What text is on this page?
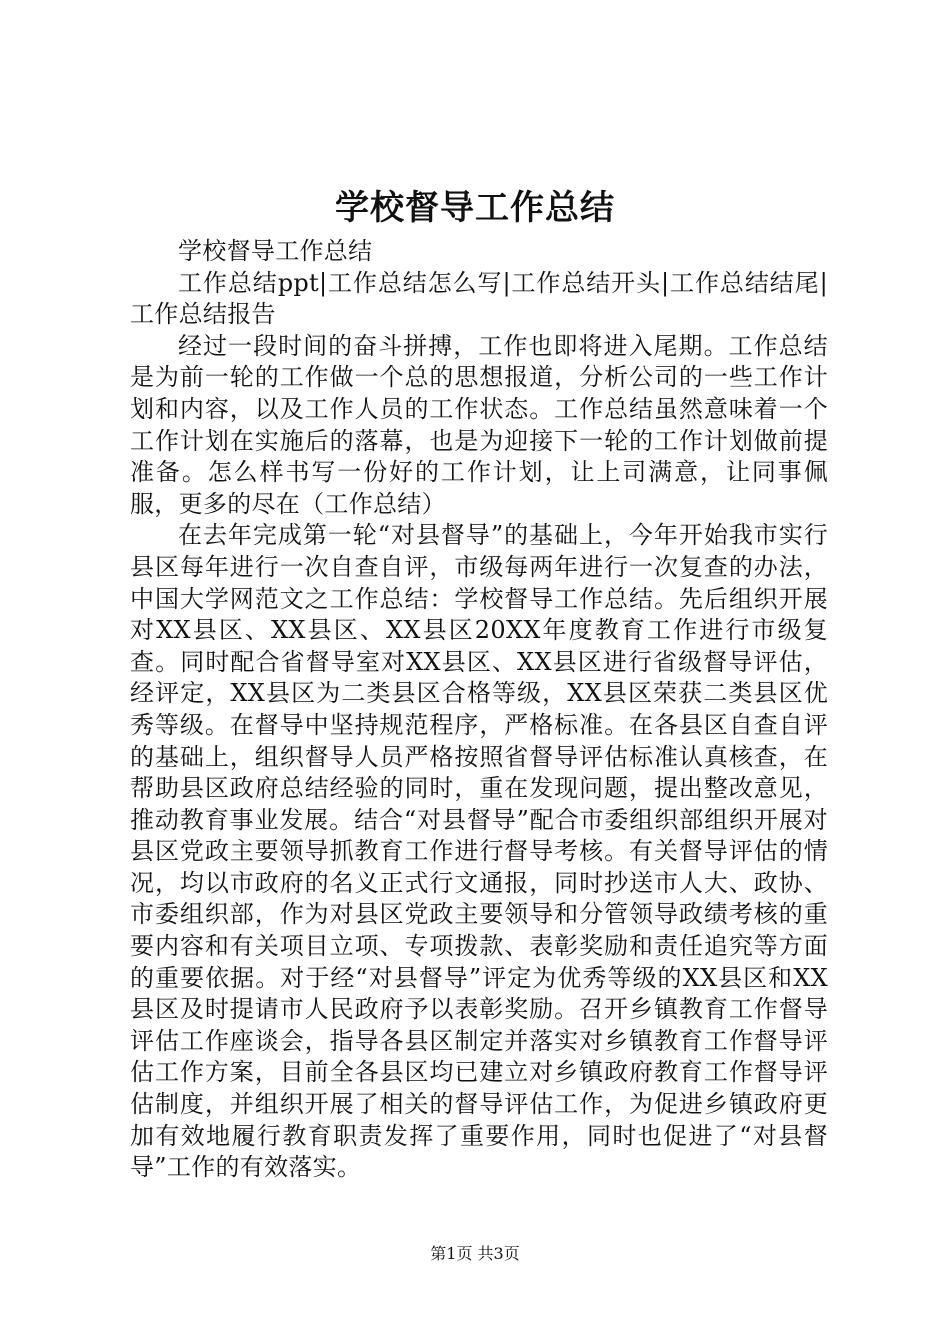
学校督导工作总结

学校督导工作总结

工作总结ppt|工作总结怎么写|工作总结开头|工作总结结尾|工作总结报告

经过一段时间的奋斗拼搏，工作也即将进入尾期。工作总结是为前一轮的工作做一个总的思想报道，分析公司的一些工作计划和内容，以及工作人员的工作状态。工作总结虽然意味着一个工作计划在实施后的落幕，也是为迎接下一轮的工作计划做前提准备。怎么样书写一份好的工作计划，让上司满意，让同事佩服，更多的尽在（工作总结）

在去年完成第一轮“对县督导”的基础上，今年开始我市实行县区每年进行一次自查自评，市级每两年进行一次复查的办法，中国大学网范文之工作总结：学校督导工作总结。先后组织开展对XX县区、XX县区、XX县区20XX年度教育工作进行市级复查。同时配合省督导室对XX县区、XX县区进行省级督导评估，经评定，XX县区为二类县区合格等级，XX县区荣获二类县区优秀等级。在督导中坚持规范程序，严格标准。在各县区自查自评的基础上，组织督导人员严格按照省督导评估标准认真核查，在帮助县区政府总结经验的同时，重在发现问题，提出整改意见，推动教育事业发展。结合“对县督导”配合市委组织部组织开展对县区党政主要领导抓教育工作进行督导考核。有关督导评估的情况，均以市政府的名义正式行文通报，同时抄送市人大、政协、市委组织部，作为对县区党政主要领导和分管领导政绩考核的重要内容和有关项目立项、专项拨款、表彰奖励和责任追究等方面的重要依据。对于经“对县督导”评定为优秀等级的XX县区和XX县区及时提请市人民政府予以表彰奖励。召开乡镇教育工作督导评估工作座谈会，指导各县区制定并落实对乡镇教育工作督导评估工作方案，目前全各县区均已建立对乡镇政府教育工作督导评估制度，并组织开展了相关的督导评估工作，为促进乡镇政府更加有效地履行教育职责发挥了重要作用，同时也促进了“对县督导”工作的有效落实。

第1页 共3页
